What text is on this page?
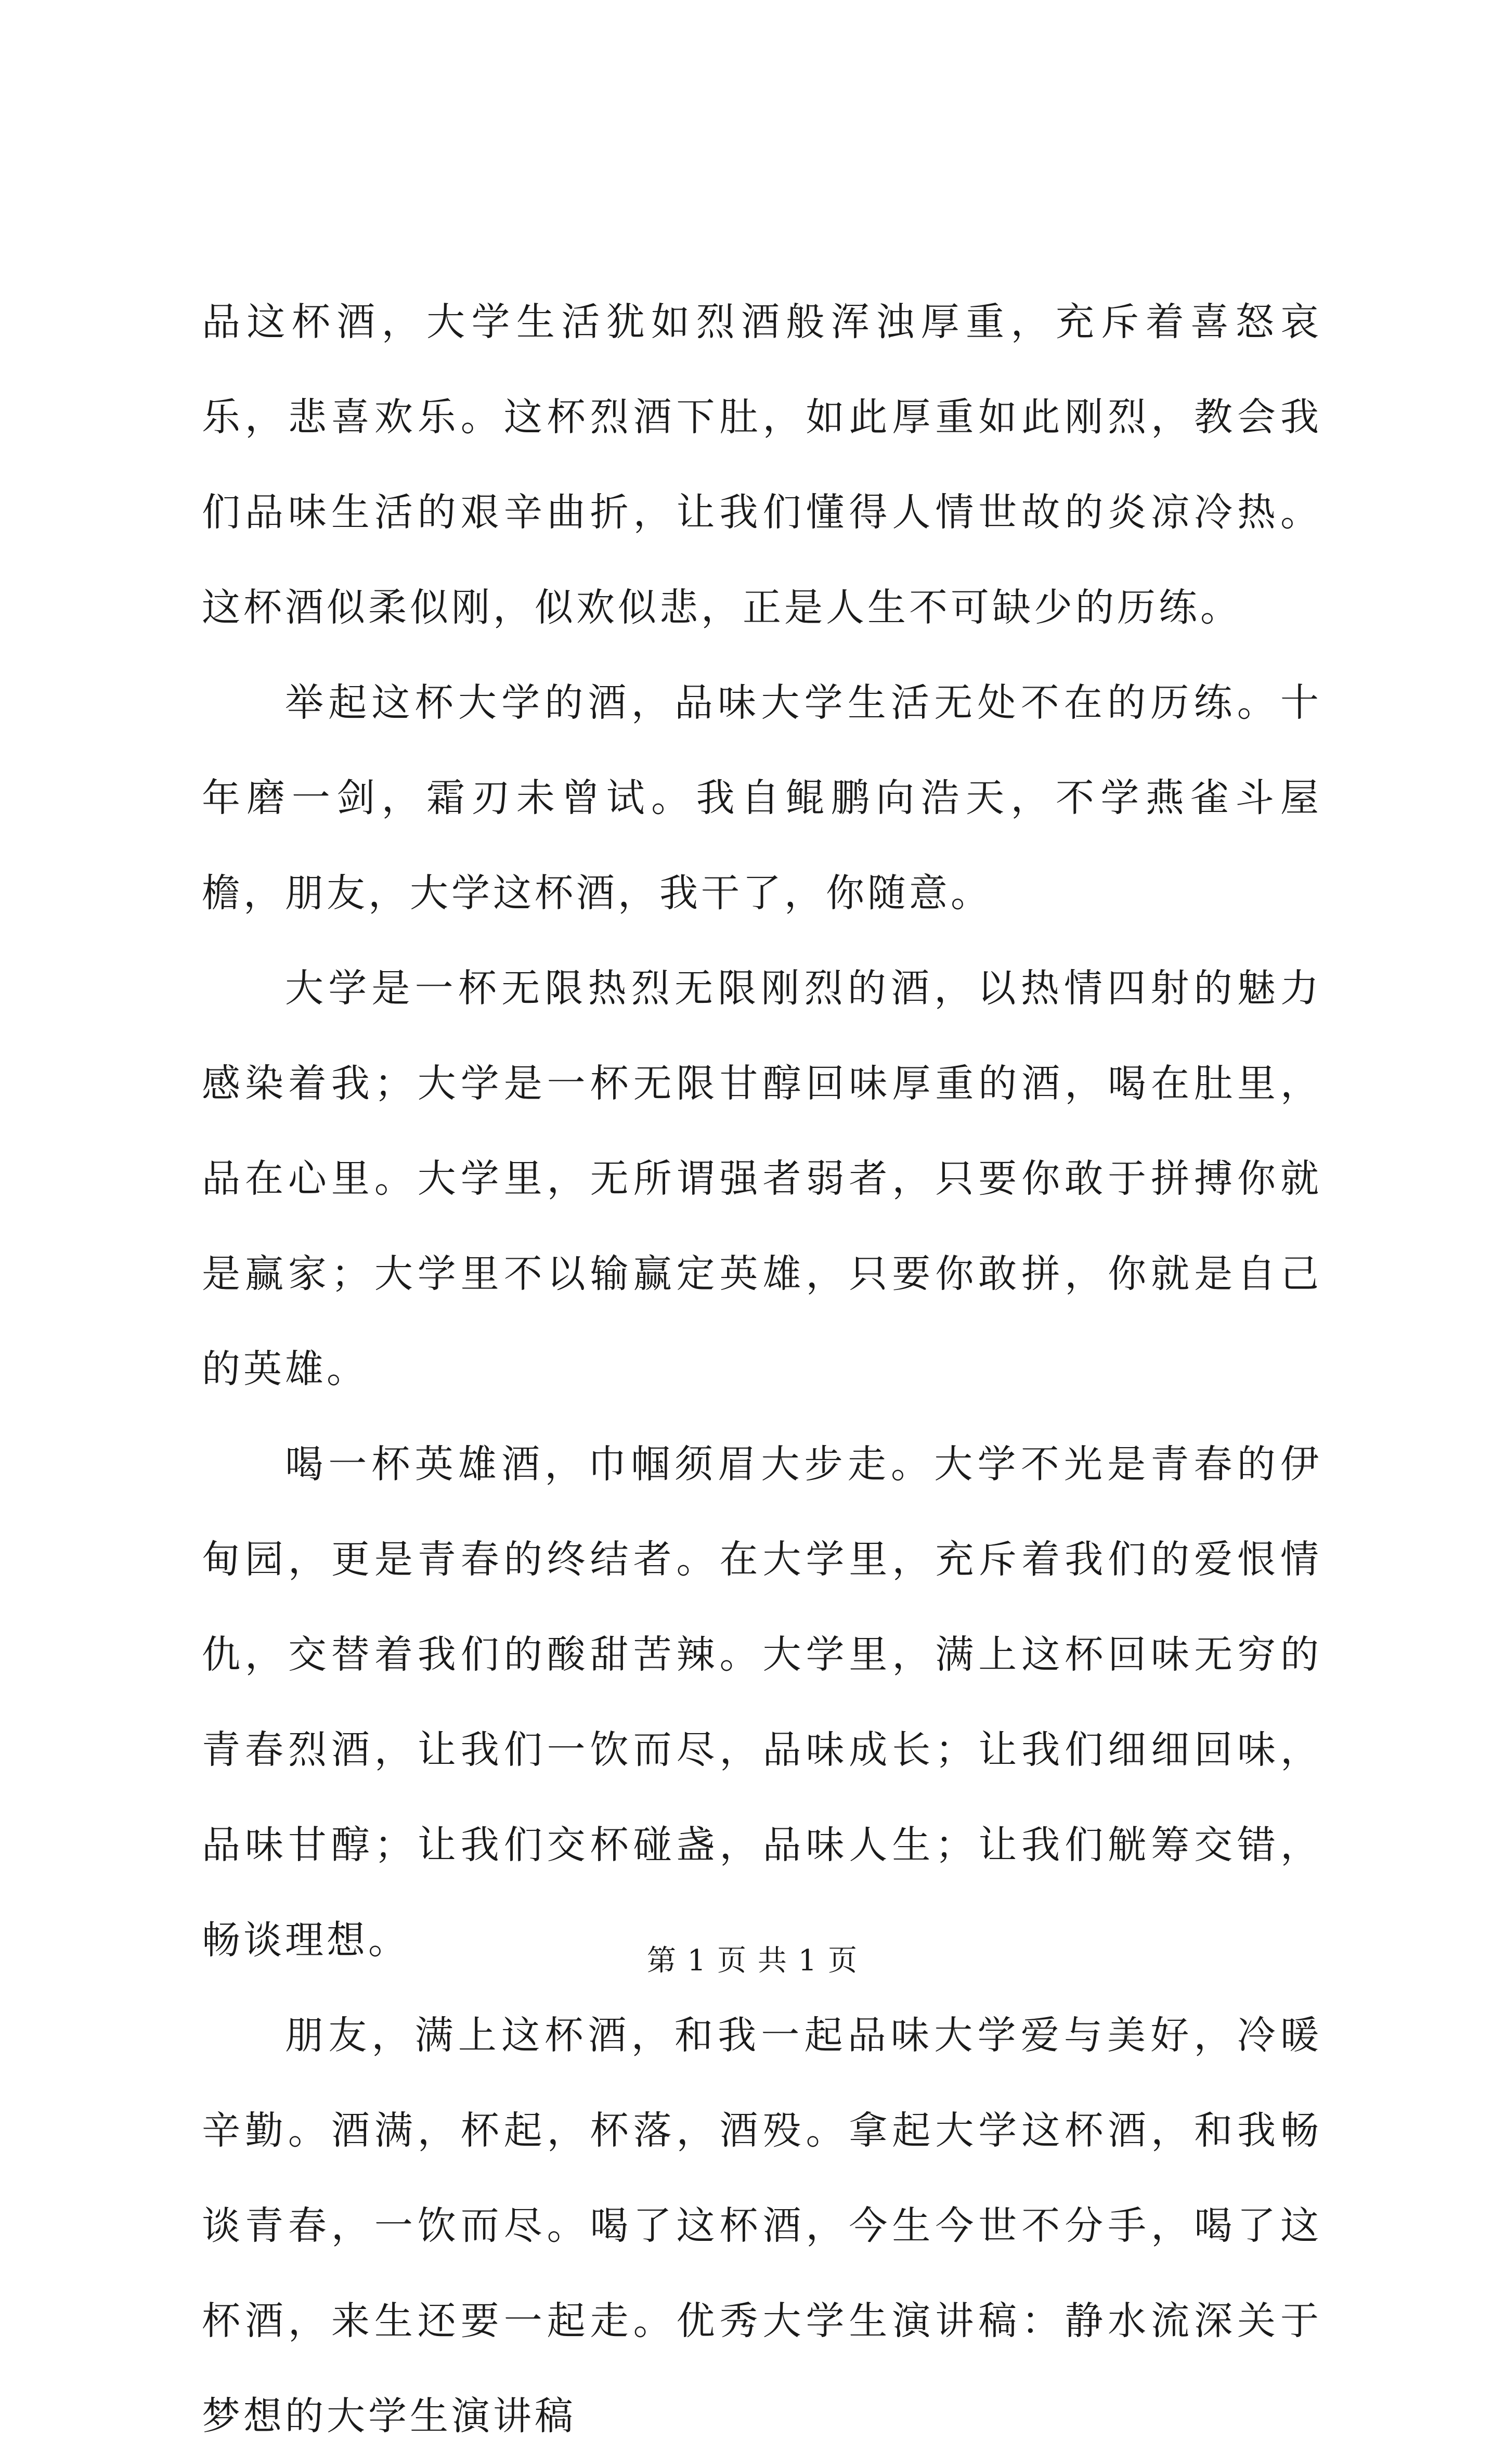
品这杯酒，大学生活犹如烈酒般浑浊厚重，充斥着喜怒哀乐，悲喜欢乐。这杯烈酒下肚，如此厚重如此刚烈，教会我们品味生活的艰辛曲折，让我们懂得人情世故的炎凉冷热。这杯酒似柔似刚，似欢似悲，正是人生不可缺少的历练。

举起这杯大学的酒，品味大学生活无处不在的历练。十年磨一剑，霜刃未曾试。我自鲲鹏向浩天，不学燕雀斗屋檐，朋友，大学这杯酒，我干了，你随意。

大学是一杯无限热烈无限刚烈的酒，以热情四射的魅力感染着我；大学是一杯无限甘醇回味厚重的酒，喝在肚里，品在心里。大学里，无所谓强者弱者，只要你敢于拼搏你就是赢家；大学里不以输赢定英雄，只要你敢拼，你就是自己的英雄。

喝一杯英雄酒，巾帼须眉大步走。大学不光是青春的伊甸园，更是青春的终结者。在大学里，充斥着我们的爱恨情仇，交替着我们的酸甜苦辣。大学里，满上这杯回味无穷的青春烈酒，让我们一饮而尽，品味成长；让我们细细回味，品味甘醇；让我们交杯碰盏，品味人生；让我们觥筹交错，畅谈理想。

朋友，满上这杯酒，和我一起品味大学爱与美好，冷暖辛勤。酒满，杯起，杯落，酒殁。拿起大学这杯酒，和我畅谈青春，一饮而尽。喝了这杯酒，今生今世不分手，喝了这杯酒，来生还要一起走。优秀大学生演讲稿：静水流深关于梦想的大学生演讲稿

第 1 页 共 1 页
